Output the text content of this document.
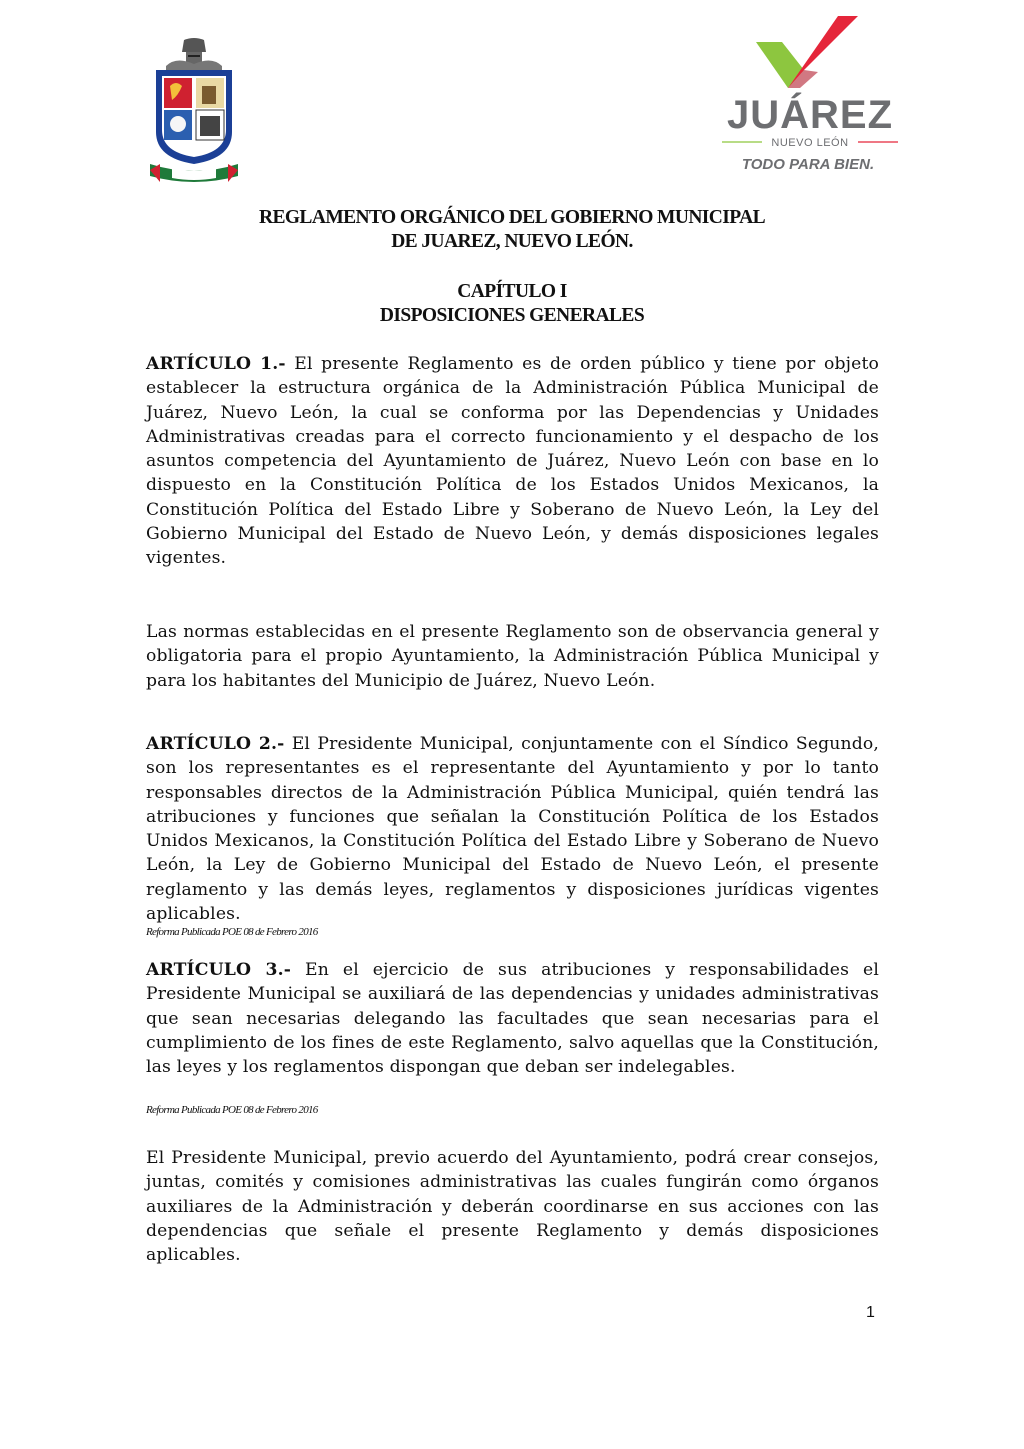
JUÁREZ
NUEVO LEÓN
TODO PARA BIEN.
REGLAMENTO ORGÁNICO DEL GOBIERNO MUNICIPAL
DE JUAREZ, NUEVO LEÓN.
CAPÍTULO I
DISPOSICIONES GENERALES
ARTÍCULO 1.- El presente Reglamento es de orden público y tiene por objeto establecer la estructura orgánica de la Administración Pública Municipal de Juárez, Nuevo León, la cual se conforma por las Dependencias y Unidades Administrativas creadas para el correcto funcionamiento y el despacho de los asuntos competencia del Ayuntamiento de Juárez, Nuevo León con base en lo dispuesto en la Constitución Política de los Estados Unidos Mexicanos, la Constitución Política del Estado Libre y Soberano de Nuevo León, la Ley del Gobierno Municipal del Estado de Nuevo León, y demás disposiciones legales vigentes.
Las normas establecidas en el presente Reglamento son de observancia general y obligatoria para el propio Ayuntamiento, la Administración Pública Municipal y para los habitantes del Municipio de Juárez, Nuevo León.
ARTÍCULO 2.- El Presidente Municipal, conjuntamente con el Síndico Segundo, son los representantes es el representante del Ayuntamiento y por lo tanto responsables directos de la Administración Pública Municipal, quién tendrá las atribuciones y funciones que señalan la Constitución Política de los Estados Unidos Mexicanos, la Constitución Política del Estado Libre y Soberano de Nuevo León, la Ley de Gobierno Municipal del Estado de Nuevo León, el presente reglamento y las demás leyes, reglamentos y disposiciones jurídicas vigentes aplicables.
Reforma Publicada POE 08 de Febrero 2016
ARTÍCULO 3.- En el ejercicio de sus atribuciones y responsabilidades el Presidente Municipal se auxiliará de las dependencias y unidades administrativas que sean necesarias delegando las facultades que sean necesarias para el cumplimiento de los fines de este Reglamento, salvo aquellas que la Constitución, las leyes y los reglamentos dispongan que deban ser indelegables.
Reforma Publicada POE 08 de Febrero 2016
El Presidente Municipal, previo acuerdo del Ayuntamiento, podrá crear consejos, juntas, comités y comisiones administrativas las cuales fungirán como órganos auxiliares de la Administración y deberán coordinarse en sus acciones con las dependencias que señale el presente Reglamento y demás disposiciones aplicables.
1
